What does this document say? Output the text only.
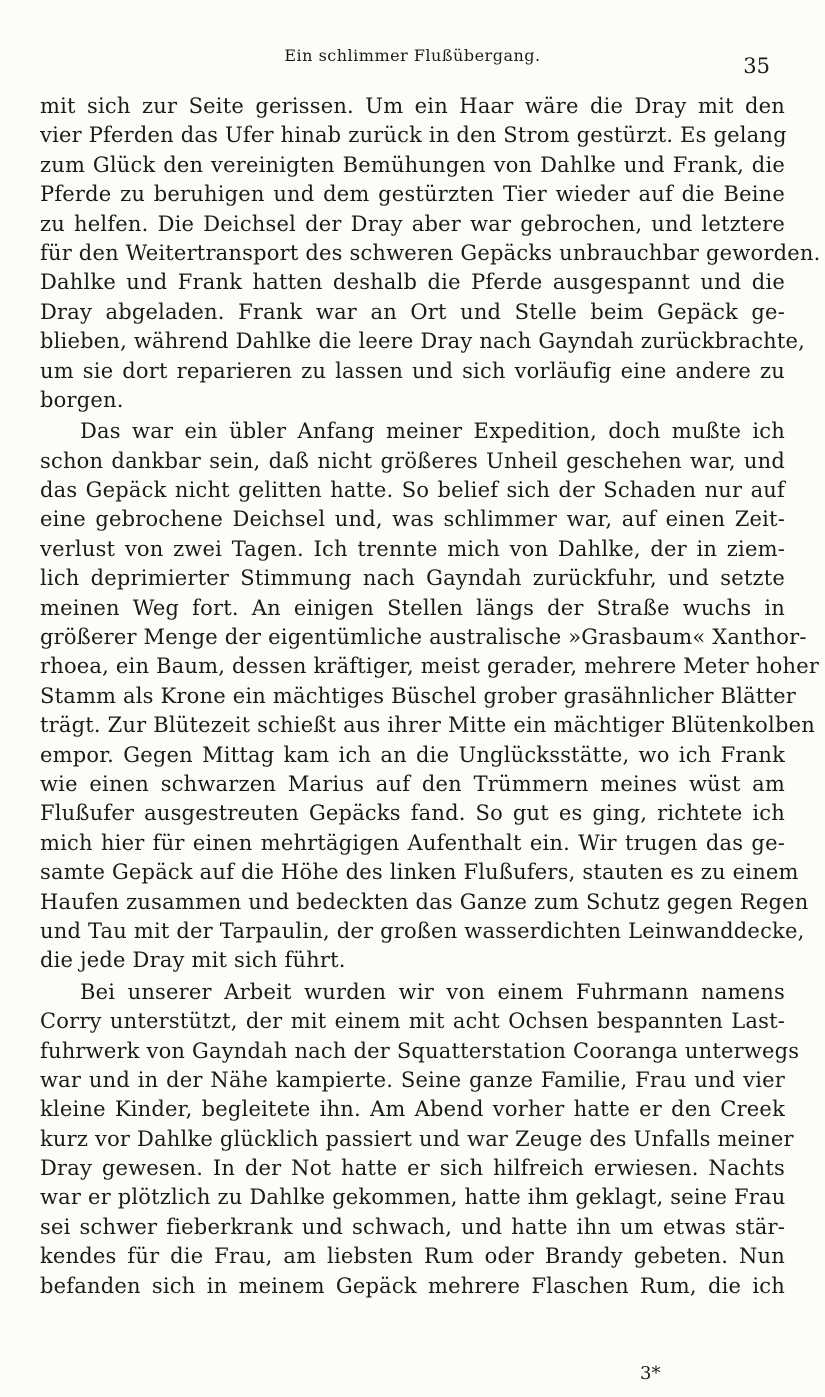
Ein schlimmer Flußübergang.	35
mit sich zur Seite gerissen. Um ein Haar wäre die Dray mit den
vier Pferden das Ufer hinab zurück in den Strom gestürzt. Es gelang
zum Glück den vereinigten Bemühungen von Dahlke und Frank, die
Pferde zu beruhigen und dem gestürzten Tier wieder auf die Beine
zu helfen. Die Deichsel der Dray aber war gebrochen, und letztere
für den Weitertransport des schweren Gepäcks unbrauchbar geworden.
Dahlke und Frank hatten deshalb die Pferde ausgespannt und die
Dray abgeladen. Frank war an Ort und Stelle beim Gepäck ge-
blieben, während Dahlke die leere Dray nach Gayndah zurückbrachte,
um sie dort reparieren zu lassen und sich vorläufig eine andere zu
borgen.
Das war ein übler Anfang meiner Expedition, doch mußte ich
schon dankbar sein, daß nicht größeres Unheil geschehen war, und
das Gepäck nicht gelitten hatte. So belief sich der Schaden nur auf
eine gebrochene Deichsel und, was schlimmer war, auf einen Zeit-
verlust von zwei Tagen. Ich trennte mich von Dahlke, der in ziem-
lich deprimierter Stimmung nach Gayndah zurückfuhr, und setzte
meinen Weg fort. An einigen Stellen längs der Straße wuchs in
größerer Menge der eigentümliche australische »Grasbaum« Xanthor-
rhoea, ein Baum, dessen kräftiger, meist gerader, mehrere Meter hoher
Stamm als Krone ein mächtiges Büschel grober grasähnlicher Blätter
trägt. Zur Blütezeit schießt aus ihrer Mitte ein mächtiger Blütenkolben
empor. Gegen Mittag kam ich an die Unglücksstätte, wo ich Frank
wie einen schwarzen Marius auf den Trümmern meines wüst am
Flußufer ausgestreuten Gepäcks fand. So gut es ging, richtete ich
mich hier für einen mehrtägigen Aufenthalt ein. Wir trugen das ge-
samte Gepäck auf die Höhe des linken Flußufers, stauten es zu einem
Haufen zusammen und bedeckten das Ganze zum Schutz gegen Regen
und Tau mit der Tarpaulin, der großen wasserdichten Leinwanddecke,
die jede Dray mit sich führt.
Bei unserer Arbeit wurden wir von einem Fuhrmann namens
Corry unterstützt, der mit einem mit acht Ochsen bespannten Last-
fuhrwerk von Gayndah nach der Squatterstation Cooranga unterwegs
war und in der Nähe kampierte. Seine ganze Familie, Frau und vier
kleine Kinder, begleitete ihn. Am Abend vorher hatte er den Creek
kurz vor Dahlke glücklich passiert und war Zeuge des Unfalls meiner
Dray gewesen. In der Not hatte er sich hilfreich erwiesen. Nachts
war er plötzlich zu Dahlke gekommen, hatte ihm geklagt, seine Frau
sei schwer fieberkrank und schwach, und hatte ihn um etwas stär-
kendes für die Frau, am liebsten Rum oder Brandy gebeten. Nun
befanden sich in meinem Gepäck mehrere Flaschen Rum, die ich
3*
